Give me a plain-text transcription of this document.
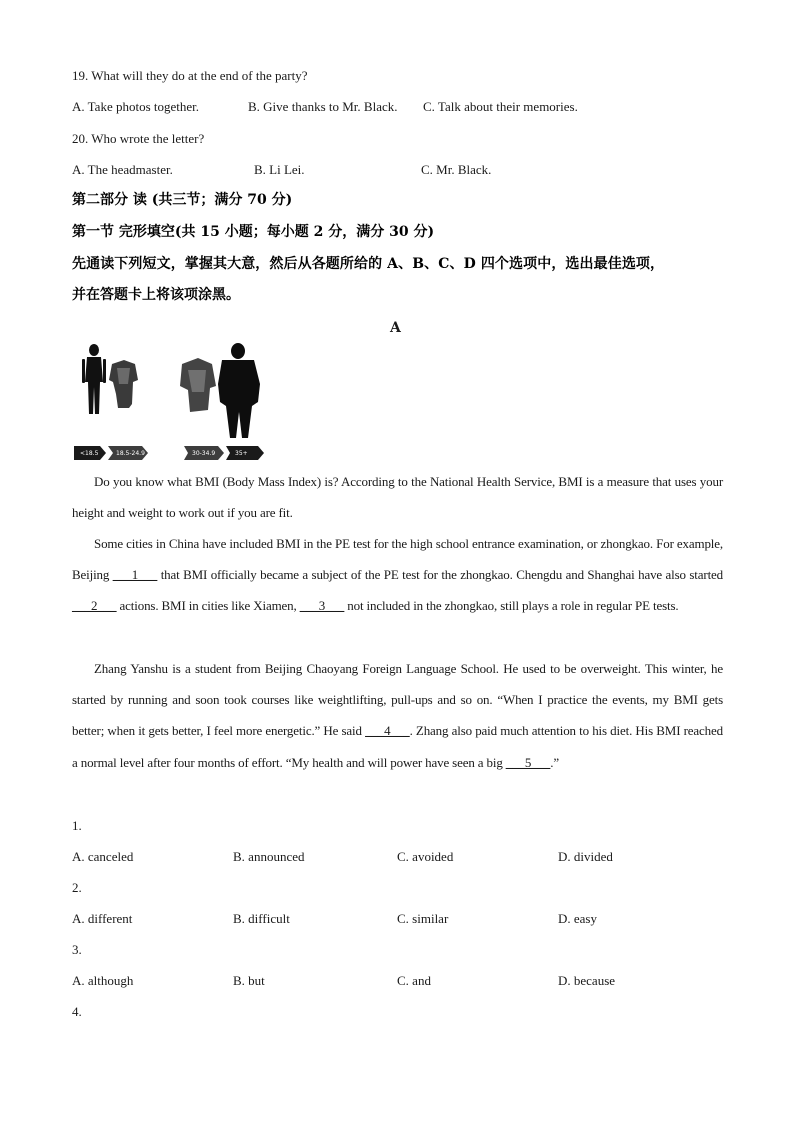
19. What will they do at the end of the party?
A. Take photos together.	B. Give thanks to Mr. Black. C. Talk about their memories.
20. Who wrote the letter?
A. The headmaster.	B. Li Lei.	C. Mr. Black.
第二部分 读 (共三节；满分 70 分)
第一节 完形填空(共 15 小题；每小题 2 分，满分 30 分)
先通读下列短文，掌握其大意，然后从各题所给的 A、B、C、D 四个选项中，选出最佳选项，
并在答题卡上将该项涂黑。
A
<18.5	18.5-24.9	30-34.9	35+
Do you know what BMI (Body Mass Index) is? According to the National Health Service, BMI is a measure that uses your height and weight to work out if you are fit.
Some cities in China have included BMI in the PE test for the high school entrance examination, or zhongkao. For example, Beijing ___1___ that BMI officially became a subject of the PE test for the zhongkao. Chengdu and Shanghai have also started ___2___ actions. BMI in cities like Xiamen, ___3___ not included in the zhongkao, still plays a role in regular PE tests.
Zhang Yanshu is a student from Beijing Chaoyang Foreign Language School. He used to be overweight. This winter, he started by running and soon took courses like weightlifting, pull-ups and so on. “When I practice the events, my BMI gets better; when it gets better, I feel more energetic.” He said ___4___. Zhang also paid much attention to his diet. His BMI reached a normal level after four months of effort. “My health and will power have seen a big ___5___.”
1.
A. canceled	B. announced	C. avoided	D. divided
2.
A. different	B. difficult	C. similar	D. easy
3.
A. although	B. but	C. and	D. because
4.
